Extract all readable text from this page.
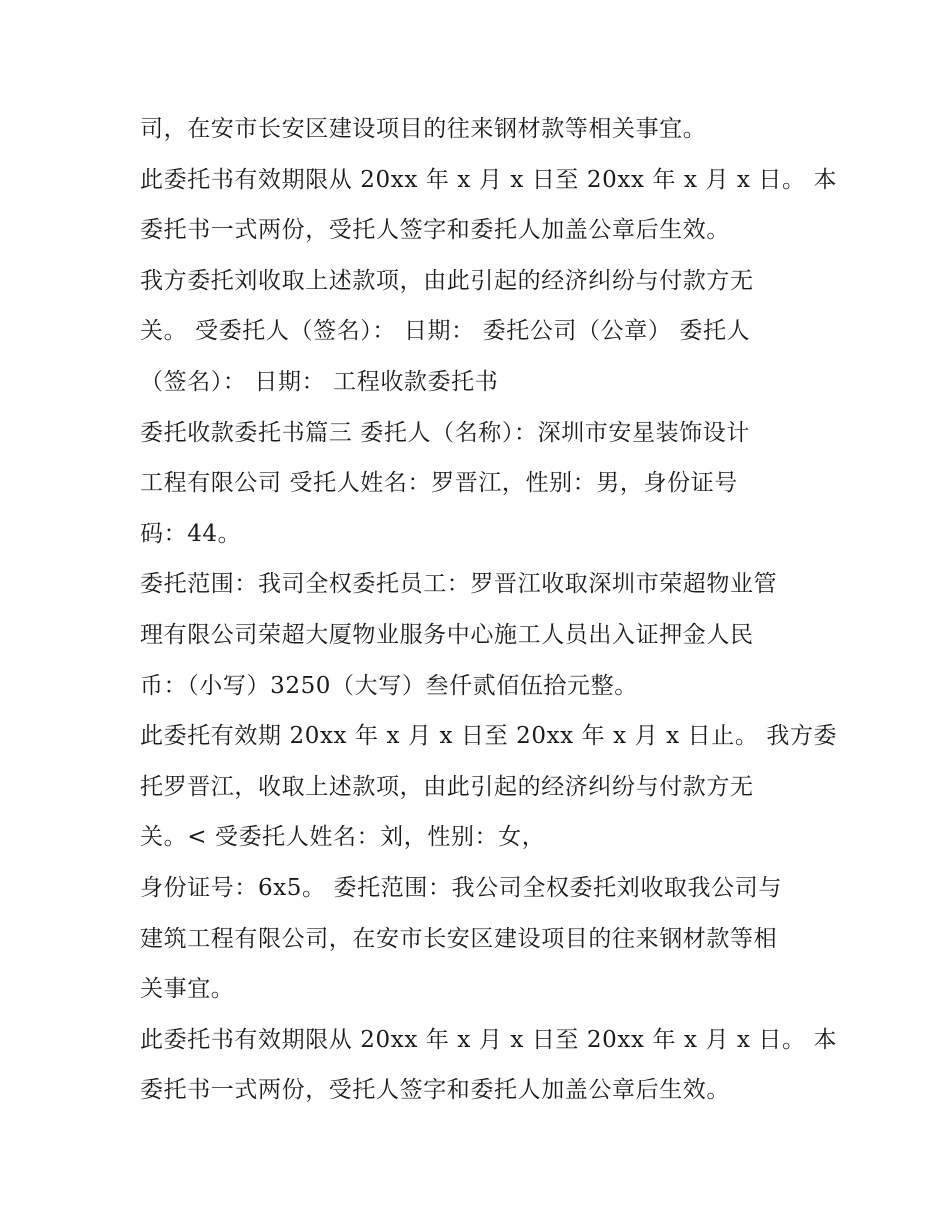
司，在安市长安区建设项目的往来钢材款等相关事宜。
此委托书有效期限从 20xx 年 x 月 x 日至 20xx 年 x 月 x 日。 本
委托书一式两份，受托人签字和委托人加盖公章后生效。
我方委托刘收取上述款项，由此引起的经济纠纷与付款方无
关。 受委托人（签名）： 日期： 委托公司（公章） 委托人
（签名）： 日期： 工程收款委托书
委托收款委托书篇三 委托人（名称）：深圳市安星装饰设计
工程有限公司 受托人姓名：罗晋江，性别：男，身份证号
码：44。
委托范围：我司全权委托员工：罗晋江收取深圳市荣超物业管
理有限公司荣超大厦物业服务中心施工人员出入证押金人民
币：（小写）3250（大写）叁仟贰佰伍拾元整。
此委托有效期 20xx 年 x 月 x 日至 20xx 年 x 月 x 日止。 我方委
托罗晋江，收取上述款项，由此引起的经济纠纷与付款方无
关。< 受委托人姓名：刘，性别：女，
身份证号：6x5。 委托范围：我公司全权委托刘收取我公司与
建筑工程有限公司，在安市长安区建设项目的往来钢材款等相
关事宜。
此委托书有效期限从 20xx 年 x 月 x 日至 20xx 年 x 月 x 日。 本
委托书一式两份，受托人签字和委托人加盖公章后生效。
